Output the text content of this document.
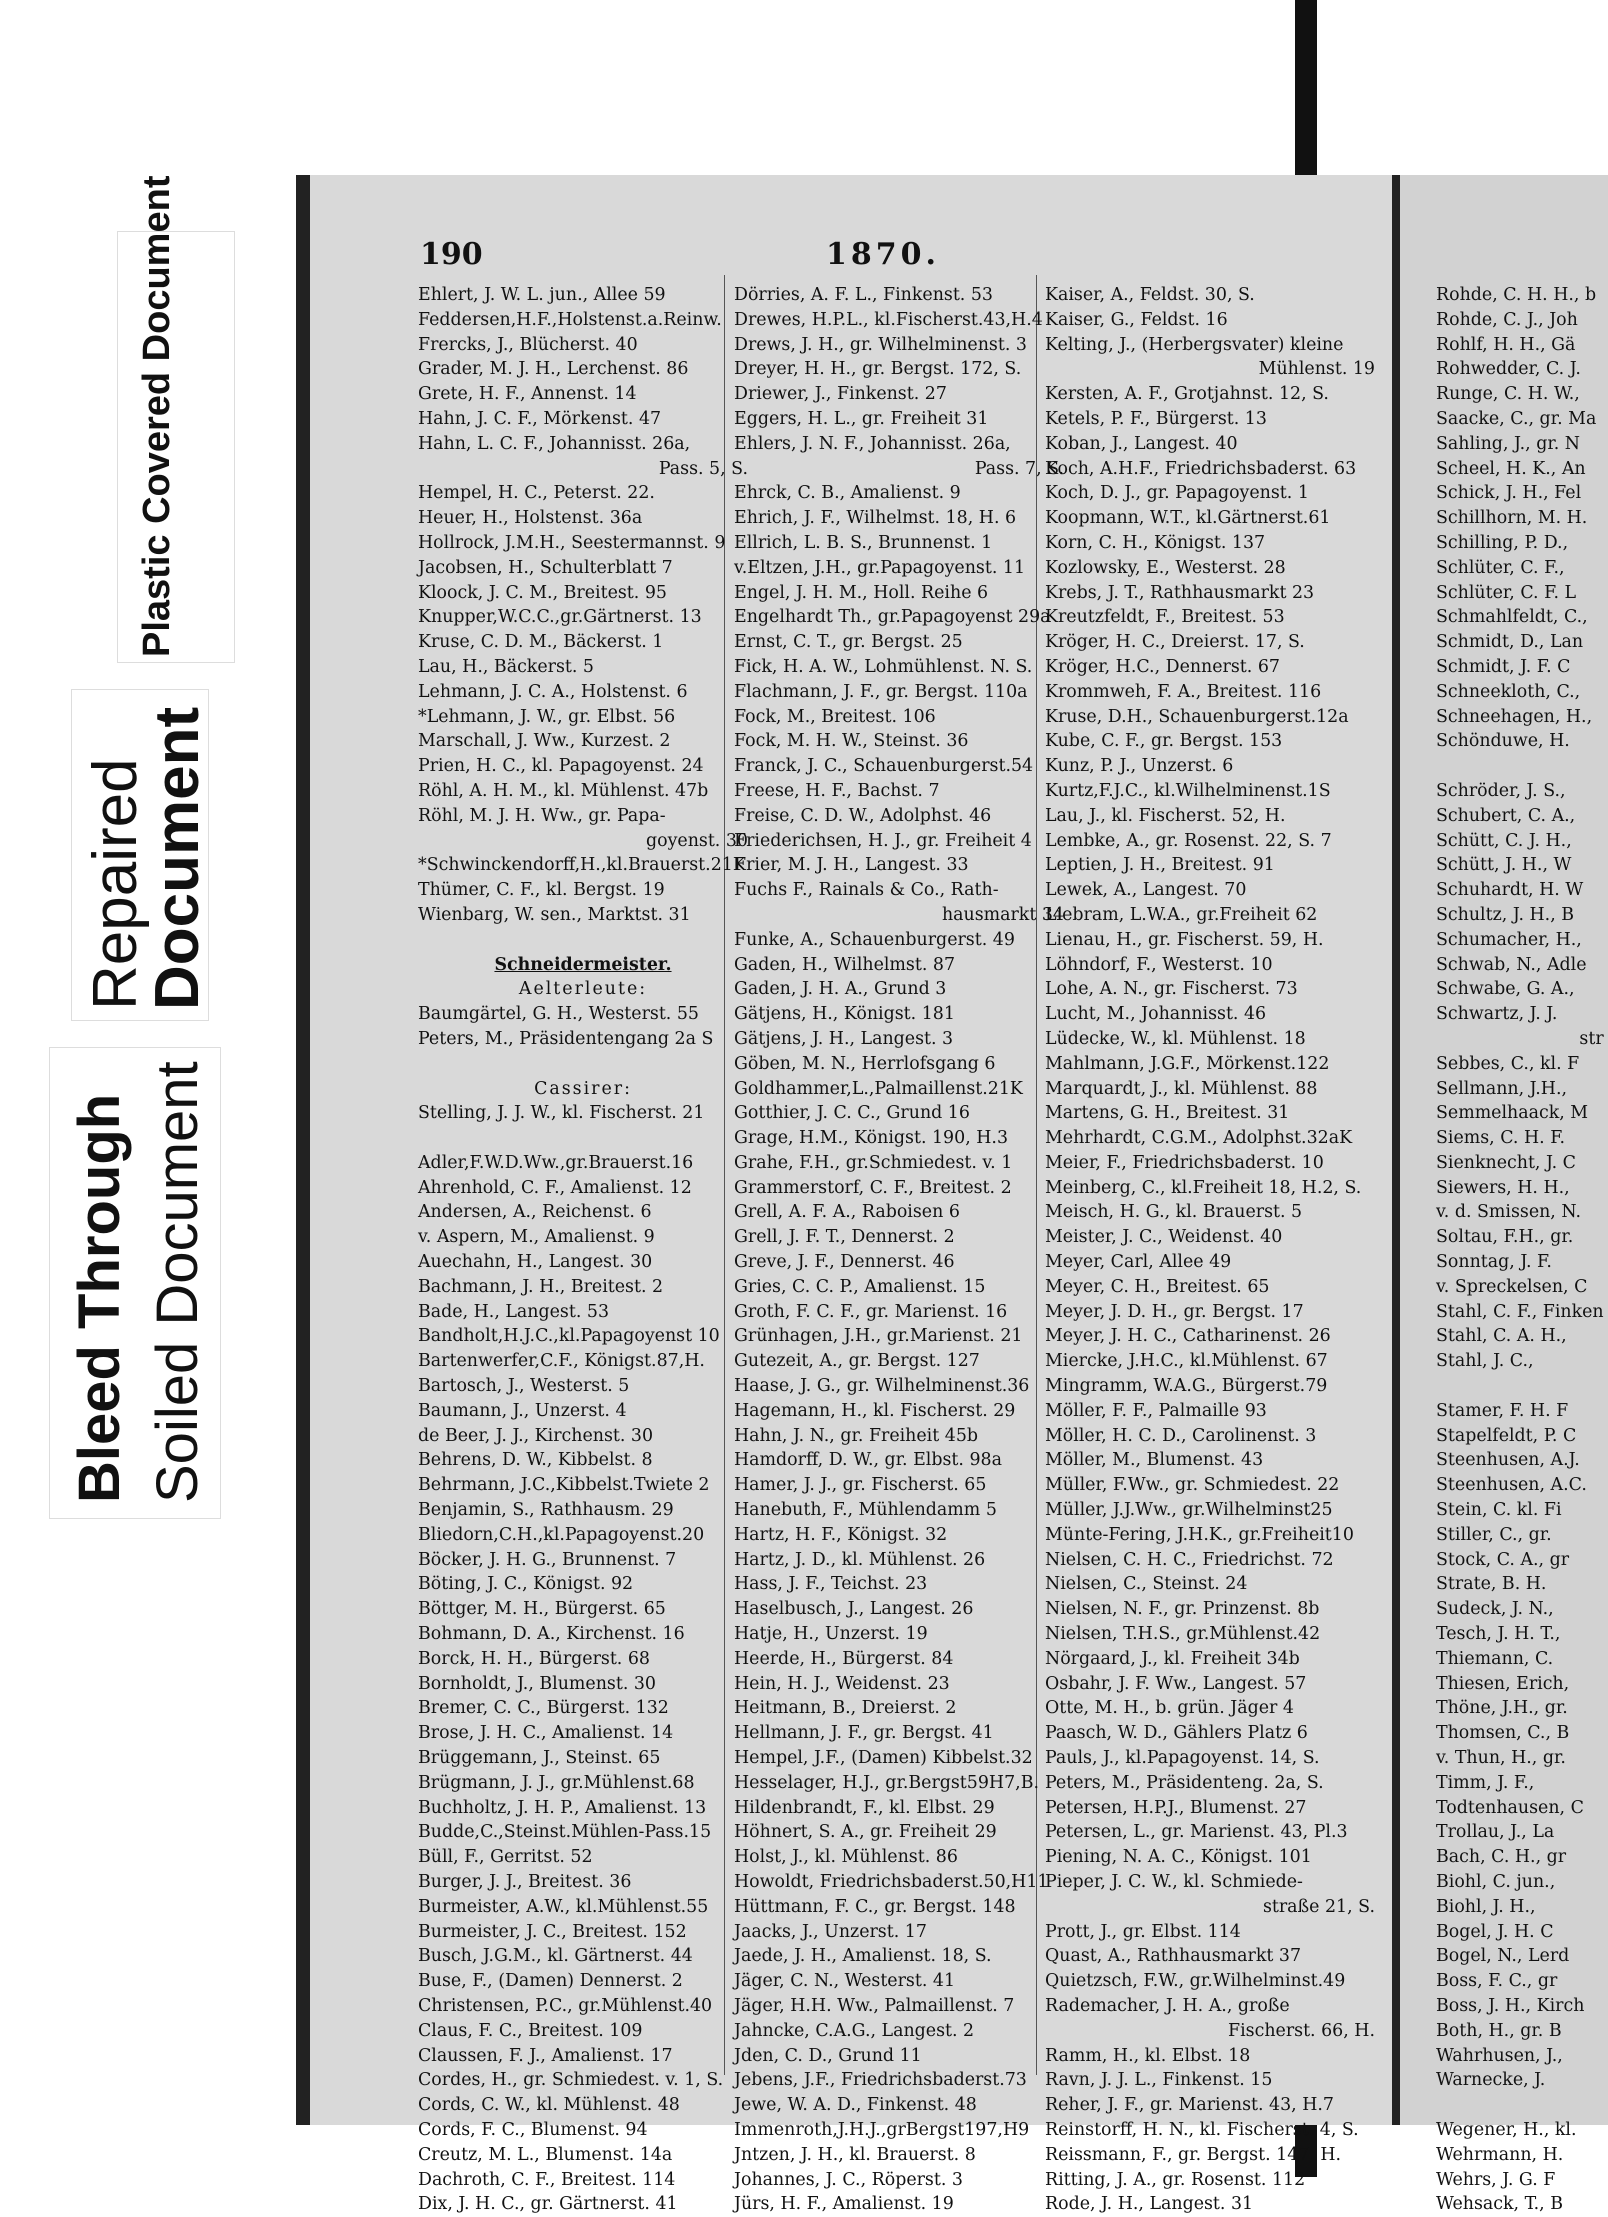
Plastic Covered Document
Repaired
Document
Bleed Through Soiled Document
190	1870.
Ehlert, J. W. L. jun., Allee 59
Feddersen,H.F.,Holstenst.a.Reinw.
Frercks, J., Blücherst. 40
Grader, M. J. H., Lerchenst. 86
Grete, H. F., Annenst. 14
Hahn, J. C. F., Mörkenst. 47
Hahn, L. C. F., Johannisst. 26a,
Pass. 5, S.
Hempel, H. C., Peterst. 22.
Heuer, H., Holstenst. 36a
Hollrock, J.M.H., Seestermannst. 9
Jacobsen, H., Schulterblatt 7
Kloock, J. C. M., Breitest. 95
Knupper,W.C.C.,gr.Gärtnerst. 13
Kruse, C. D. M., Bäckerst. 1
Lau, H., Bäckerst. 5
Lehmann, J. C. A., Holstenst. 6
*Lehmann, J. W., gr. Elbst. 56
Marschall, J. Ww., Kurzest. 2
Prien, H. C., kl. Papagoyenst. 24
Röhl, A. H. M., kl. Mühlenst. 47b
Röhl, M. J. H. Ww., gr. Papa-
goyenst. 30
*Schwinckendorff,H.,kl.Brauerst.21K
Thümer, C. F., kl. Bergst. 19
Wienbarg, W. sen., Marktst. 31

Schneidermeister.
Aelterleute:
Baumgärtel, G. H., Westerst. 55
Peters, M., Präsidentengang 2a S

Cassirer:
Stelling, J. J. W., kl. Fischerst. 21

Adler,F.W.D.Ww.,gr.Brauerst.16
Ahrenhold, C. F., Amalienst. 12
Andersen, A., Reichenst. 6
v. Aspern, M., Amalienst. 9
Auechahn, H., Langest. 30
Bachmann, J. H., Breitest. 2
Bade, H., Langest. 53
Bandholt,H.J.C.,kl.Papagoyenst 10
Bartenwerfer,C.F., Königst.87,H.
Bartosch, J., Westerst. 5
Baumann, J., Unzerst. 4
de Beer, J. J., Kirchenst. 30
Behrens, D. W., Kibbelst. 8
Behrmann, J.C.,Kibbelst.Twiete 2
Benjamin, S., Rathhausm. 29
Bliedorn,C.H.,kl.Papagoyenst.20
Böcker, J. H. G., Brunnenst. 7
Böting, J. C., Königst. 92
Böttger, M. H., Bürgerst. 65
Bohmann, D. A., Kirchenst. 16
Borck, H. H., Bürgerst. 68
Bornholdt, J., Blumenst. 30
Bremer, C. C., Bürgerst. 132
Brose, J. H. C., Amalienst. 14
Brüggemann, J., Steinst. 65
Brügmann, J. J., gr.Mühlenst.68
Buchholtz, J. H. P., Amalienst. 13
Budde,C.,Steinst.Mühlen-Pass.15
Büll, F., Gerritst. 52
Burger, J. J., Breitest. 36
Burmeister, A.W., kl.Mühlenst.55
Burmeister, J. C., Breitest. 152
Busch, J.G.M., kl. Gärtnerst. 44
Buse, F., (Damen) Dennerst. 2
Christensen, P.C., gr.Mühlenst.40
Claus, F. C., Breitest. 109
Claussen, F. J., Amalienst. 17
Cordes, H., gr. Schmiedest. v. 1, S.
Cords, C. W., kl. Mühlenst. 48
Cords, F. C., Blumenst. 94
Creutz, M. L., Blumenst. 14a
Dachroth, C. F., Breitest. 114
Dix, J. H. C., gr. Gärtnerst. 41
Dörries, A. F. L., Finkenst. 53
Drewes, H.P.L., kl.Fischerst.43,H.4
Drews, J. H., gr. Wilhelminenst. 3
Dreyer, H. H., gr. Bergst. 172, S.
Driewer, J., Finkenst. 27
Eggers, H. L., gr. Freiheit 31
Ehlers, J. N. F., Johannisst. 26a,
Pass. 7, S.
Ehrck, C. B., Amalienst. 9
Ehrich, J. F., Wilhelmst. 18, H. 6
Ellrich, L. B. S., Brunnenst. 1
v.Eltzen, J.H., gr.Papagoyenst. 11
Engel, J. H. M., Holl. Reihe 6
Engelhardt Th., gr.Papagoyenst 29a
Ernst, C. T., gr. Bergst. 25
Fick, H. A. W., Lohmühlenst. N. S.
Flachmann, J. F., gr. Bergst. 110a
Fock, M., Breitest. 106
Fock, M. H. W., Steinst. 36
Franck, J. C., Schauenburgerst.54
Freese, H. F., Bachst. 7
Freise, C. D. W., Adolphst. 46
Friederichsen, H. J., gr. Freiheit 4
Frier, M. J. H., Langest. 33
Fuchs F., Rainals & Co., Rath-
hausmarkt 34
Funke, A., Schauenburgerst. 49
Gaden, H., Wilhelmst. 87
Gaden, J. H. A., Grund 3
Gätjens, H., Königst. 181
Gätjens, J. H., Langest. 3
Göben, M. N., Herrlofsgang 6
Goldhammer,L.,Palmaillenst.21K
Gotthier, J. C. C., Grund 16
Grage, H.M., Königst. 190, H.3
Grahe, F.H., gr.Schmiedest. v. 1
Grammerstorf, C. F., Breitest. 2
Grell, A. F. A., Raboisen 6
Grell, J. F. T., Dennerst. 2
Greve, J. F., Dennerst. 46
Gries, C. C. P., Amalienst. 15
Groth, F. C. F., gr. Marienst. 16
Grünhagen, J.H., gr.Marienst. 21
Gutezeit, A., gr. Bergst. 127
Haase, J. G., gr. Wilhelminenst.36
Hagemann, H., kl. Fischerst. 29
Hahn, J. N., gr. Freiheit 45b
Hamdorff, D. W., gr. Elbst. 98a
Hamer, J. J., gr. Fischerst. 65
Hanebuth, F., Mühlendamm 5
Hartz, H. F., Königst. 32
Hartz, J. D., kl. Mühlenst. 26
Hass, J. F., Teichst. 23
Haselbusch, J., Langest. 26
Hatje, H., Unzerst. 19
Heerde, H., Bürgerst. 84
Hein, H. J., Weidenst. 23
Heitmann, B., Dreierst. 2
Hellmann, J. F., gr. Bergst. 41
Hempel, J.F., (Damen) Kibbelst.32
Hesselager, H.J., gr.Bergst59H7,B.
Hildenbrandt, F., kl. Elbst. 29
Höhnert, S. A., gr. Freiheit 29
Holst, J., kl. Mühlenst. 86
Howoldt, Friedrichsbaderst.50,H11
Hüttmann, F. C., gr. Bergst. 148
Jaacks, J., Unzerst. 17
Jaede, J. H., Amalienst. 18, S.
Jäger, C. N., Westerst. 41
Jäger, H.H. Ww., Palmaillenst. 7
Jahncke, C.A.G., Langest. 2
Jden, C. D., Grund 11
Jebens, J.F., Friedrichsbaderst.73
Jewe, W. A. D., Finkenst. 48
Immenroth,J.H.J.,grBergst197,H9
Jntzen, J. H., kl. Brauerst. 8
Johannes, J. C., Röperst. 3
Jürs, H. F., Amalienst. 19
Kaiser, A., Feldst. 30, S.
Kaiser, G., Feldst. 16
Kelting, J., (Herbergsvater) kleine
Mühlenst. 19
Kersten, A. F., Grotjahnst. 12, S.
Ketels, P. F., Bürgerst. 13
Koban, J., Langest. 40
Koch, A.H.F., Friedrichsbaderst. 63
Koch, D. J., gr. Papagoyenst. 1
Koopmann, W.T., kl.Gärtnerst.61
Korn, C. H., Königst. 137
Kozlowsky, E., Westerst. 28
Krebs, J. T., Rathhausmarkt 23
Kreutzfeldt, F., Breitest. 53
Kröger, H. C., Dreierst. 17, S.
Kröger, H.C., Dennerst. 67
Krommweh, F. A., Breitest. 116
Kruse, D.H., Schauenburgerst.12a
Kube, C. F., gr. Bergst. 153
Kunz, P. J., Unzerst. 6
Kurtz,F.J.C., kl.Wilhelminenst.1S
Lau, J., kl. Fischerst. 52, H.
Lembke, A., gr. Rosenst. 22, S. 7
Leptien, J. H., Breitest. 91
Lewek, A., Langest. 70
Liebram, L.W.A., gr.Freiheit 62
Lienau, H., gr. Fischerst. 59, H.
Löhndorf, F., Westerst. 10
Lohe, A. N., gr. Fischerst. 73
Lucht, M., Johannisst. 46
Lüdecke, W., kl. Mühlenst. 18
Mahlmann, J.G.F., Mörkenst.122
Marquardt, J., kl. Mühlenst. 88
Martens, G. H., Breitest. 31
Mehrhardt, C.G.M., Adolphst.32aK
Meier, F., Friedrichsbaderst. 10
Meinberg, C., kl.Freiheit 18, H.2, S.
Meisch, H. G., kl. Brauerst. 5
Meister, J. C., Weidenst. 40
Meyer, Carl, Allee 49
Meyer, C. H., Breitest. 65
Meyer, J. D. H., gr. Bergst. 17
Meyer, J. H. C., Catharinenst. 26
Miercke, J.H.C., kl.Mühlenst. 67
Mingramm, W.A.G., Bürgerst.79
Möller, F. F., Palmaille 93
Möller, H. C. D., Carolinenst. 3
Möller, M., Blumenst. 43
Müller, F.Ww., gr. Schmiedest. 22
Müller, J.J.Ww., gr.Wilhelminst25
Münte-Fering, J.H.K., gr.Freiheit10
Nielsen, C. H. C., Friedrichst. 72
Nielsen, C., Steinst. 24
Nielsen, N. F., gr. Prinzenst. 8b
Nielsen, T.H.S., gr.Mühlenst.42
Nörgaard, J., kl. Freiheit 34b
Osbahr, J. F. Ww., Langest. 57
Otte, M. H., b. grün. Jäger 4
Paasch, W. D., Gählers Platz 6
Pauls, J., kl.Papagoyenst. 14, S.
Peters, M., Präsidenteng. 2a, S.
Petersen, H.P.J., Blumenst. 27
Petersen, L., gr. Marienst. 43, Pl.3
Piening, N. A. C., Königst. 101
Pieper, J. C. W., kl. Schmiede-
straße 21, S.
Prott, J., gr. Elbst. 114
Quast, A., Rathhausmarkt 37
Quietzsch, F.W., gr.Wilhelminst.49
Rademacher, J. H. A., große
Fischerst. 66, H.
Ramm, H., kl. Elbst. 18
Ravn, J. J. L., Finkenst. 15
Reher, J. F., gr. Marienst. 43, H.7
Reinstorff, H. N., kl. Fischerst. 4, S.
Reissmann, F., gr. Bergst. 147, H.
Ritting, J. A., gr. Rosenst. 112
Rode, J. H., Langest. 31
Rohde, C. H. H., b
Rohde, C. J., Joh
Rohlf, H. H., Gä
Rohwedder, C. J.
Runge, C. H. W.,
Saacke, C., gr. Ma
Sahling, J., gr. N
Scheel, H. K., An
Schick, J. H., Fel
Schillhorn, M. H.
Schilling, P. D.,
Schlüter, C. F.,
Schlüter, C. F. L
Schmahlfeldt, C.,
Schmidt, D., Lan
Schmidt, J. F. C
Schneekloth, C.,
Schneehagen, H.,
Schönduwe, H.

Schröder, J. S.,
Schubert, C. A.,
Schütt, C. J. H.,
Schütt, J. H., W
Schuhardt, H. W
Schultz, J. H., B
Schumacher, H.,
Schwab, N., Adle
Schwabe, G. A.,
Schwartz, J. J.
str
Sebbes, C., kl. F
Sellmann, J.H.,
Semmelhaack, M
Siems, C. H. F.
Sienknecht, J. C
Siewers, H. H.,
v. d. Smissen, N.
Soltau, F.H., gr.
Sonntag, J. F.
v. Spreckelsen, C
Stahl, C. F., Finken
Stahl, C. A. H.,
Stahl, J. C.,

Stamer, F. H. F
Stapelfeldt, P. C
Steenhusen, A.J.
Steenhusen, A.C.
Stein, C. kl. Fi
Stiller, C., gr.
Stock, C. A., gr
Strate, B. H.
Sudeck, J. N.,
Tesch, J. H. T.,
Thiemann, C.
Thiesen, Erich,
Thöne, J.H., gr.
Thomsen, C., B
v. Thun, H., gr.
Timm, J. F.,
Todtenhausen, C
Trollau, J., La
Bach, C. H., gr
Biohl, C. jun.,
Biohl, J. H.,
Bogel, J. H. C
Bogel, N., Lerd
Boss, F. C., gr
Boss, J. H., Kirch
Both, H., gr. B
Wahrhusen, J.,
Warnecke, J.

Wegener, H., kl.
Wehrmann, H.
Wehrs, J. G. F
Wehsack, T., B
